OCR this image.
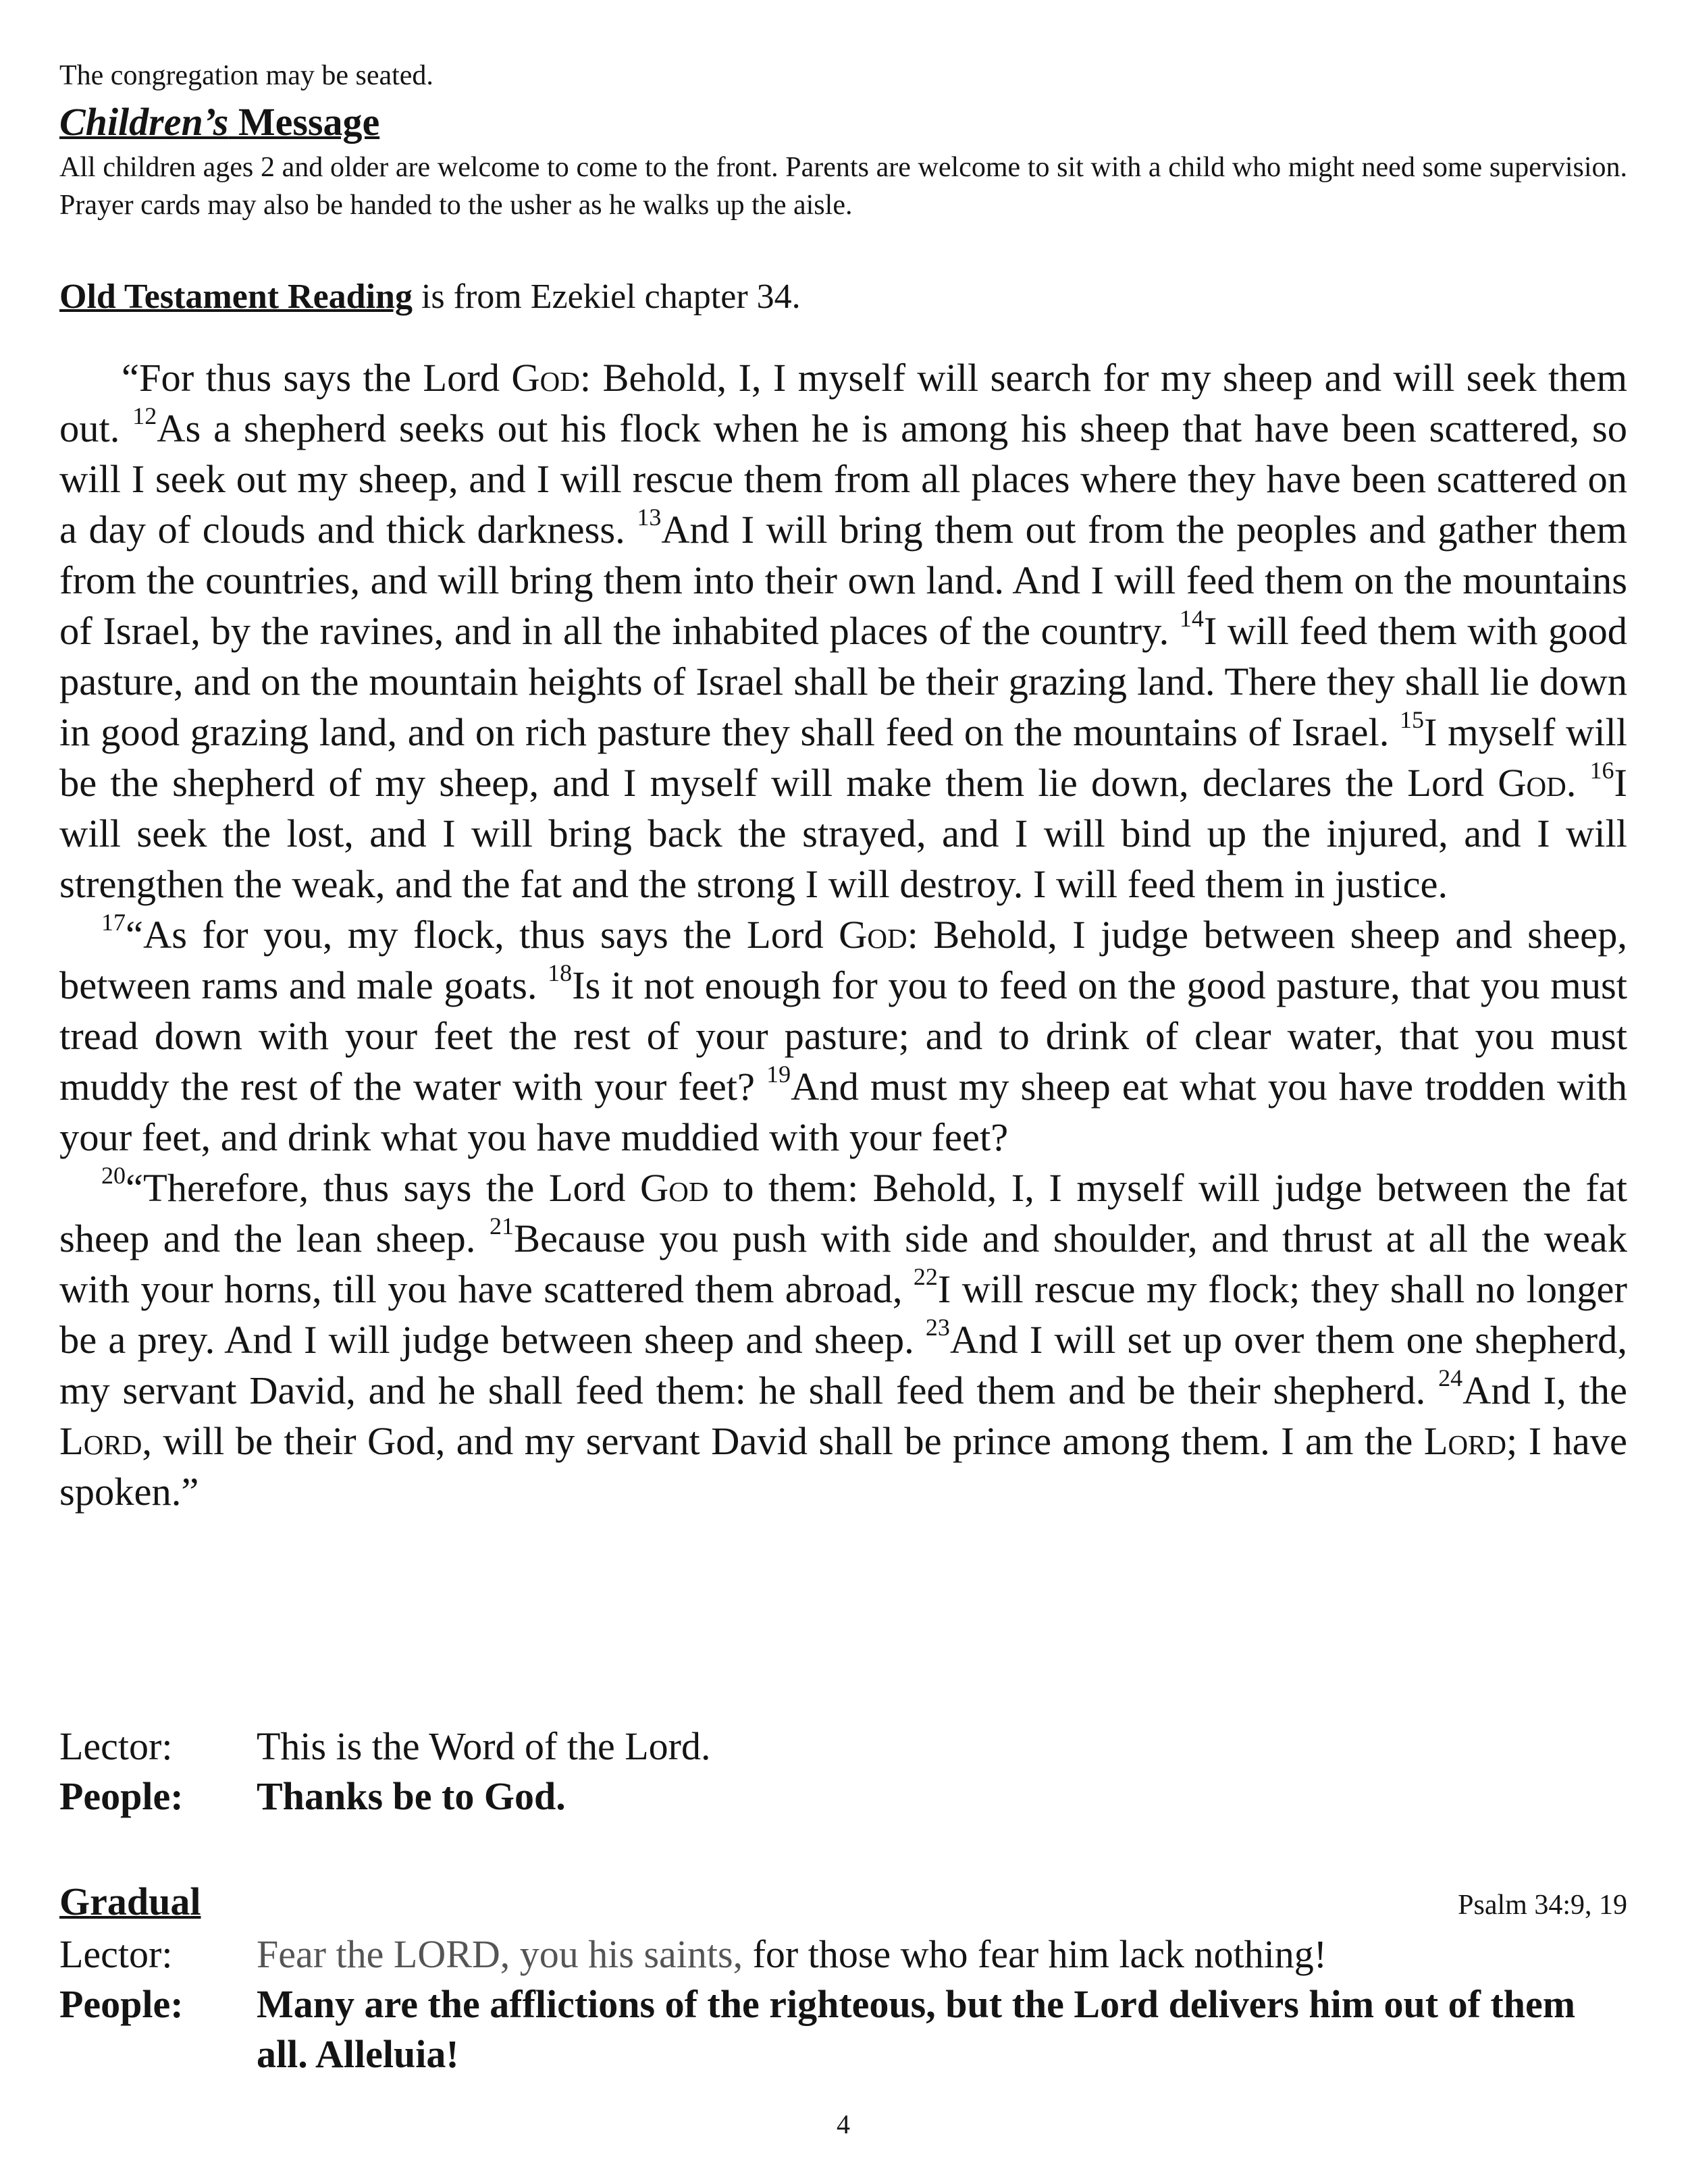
The congregation may be seated.
Children’s Message
All children ages 2 and older are welcome to come to the front. Parents are welcome to sit with a child who might need some supervision. Prayer cards may also be handed to the usher as he walks up the aisle.
Old Testament Reading is from Ezekiel chapter 34.

“For thus says the Lord God: Behold, I, I myself will search for my sheep and will seek them out. $^{12}$As a shepherd seeks out his flock when he is among his sheep that have been scattered, so will I seek out my sheep, and I will rescue them from all places where they have been scattered on a day of clouds and thick darkness. $^{13}$And I will bring them out from the peoples and gather them from the countries, and will bring them into their own land. And I will feed them on the mountains of Israel, by the ravines, and in all the inhabited places of the country. $^{14}$I will feed them with good pasture, and on the mountain heights of Israel shall be their grazing land. There they shall lie down in good grazing land, and on rich pasture they shall feed on the mountains of Israel. $^{15}$I myself will be the shepherd of my sheep, and I myself will make them lie down, declares the Lord God. $^{16}$I will seek the lost, and I will bring back the strayed, and I will bind up the injured, and I will strengthen the weak, and the fat and the strong I will destroy. I will feed them in justice.

$^{17}$“As for you, my flock, thus says the Lord God: Behold, I judge between sheep and sheep, between rams and male goats. $^{18}$Is it not enough for you to feed on the good pasture, that you must tread down with your feet the rest of your pasture; and to drink of clear water, that you must muddy the rest of the water with your feet? $^{19}$And must my sheep eat what you have trodden with your feet, and drink what you have muddied with your feet?

$^{20}$“Therefore, thus says the Lord God to them: Behold, I, I myself will judge between the fat sheep and the lean sheep. $^{21}$Because you push with side and shoulder, and thrust at all the weak with your horns, till you have scattered them abroad, $^{22}$I will rescue my flock; they shall no longer be a prey. And I will judge between sheep and sheep. $^{23}$And I will set up over them one shepherd, my servant David, and he shall feed them: he shall feed them and be their shepherd. $^{24}$And I, the Lord, will be their God, and my servant David shall be prince among them. I am the Lord; I have spoken.”

Lector: This is the Word of the Lord.
People: Thanks be to God.
Gradual	Psalm 34:9, 19
Lector: Fear the LORD, you his saints, for those who fear him lack nothing!
People: Many are the afflictions of the righteous, but the Lord delivers him out of them all. Alleluia!
4
